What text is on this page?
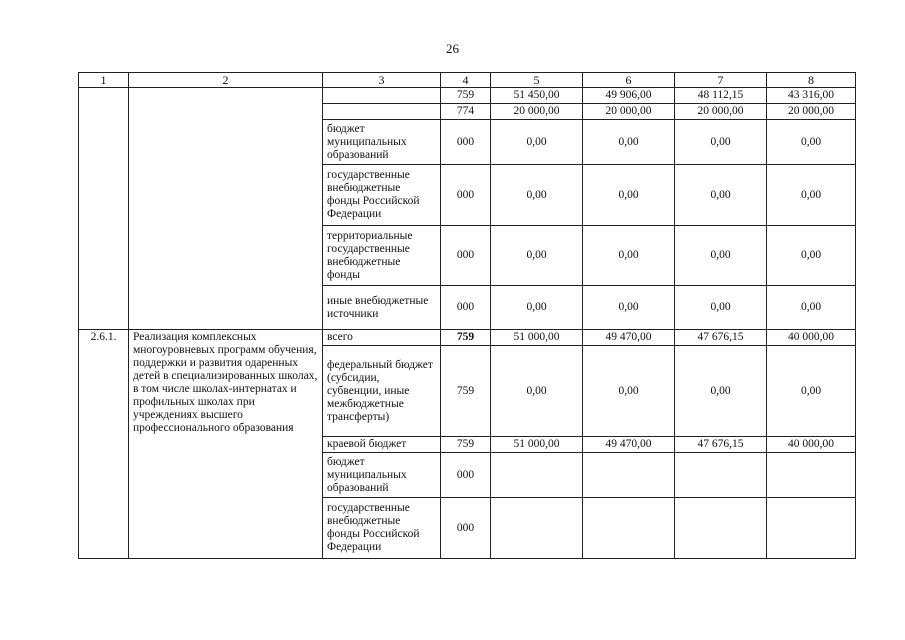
26
1	2	3	4	5	6	7	8
			759	51 450,00	49 906,00	48 112,15	43 316,00
			774	20 000,00	20 000,00	20 000,00	20 000,00
		бюджет муниципальных образований	000	0,00	0,00	0,00	0,00
		государственные внебюджетные фонды Российской Федерации	000	0,00	0,00	0,00	0,00
		территориальные государственные внебюджетные фонды	000	0,00	0,00	0,00	0,00
		иные внебюджетные источники	000	0,00	0,00	0,00	0,00
2.6.1.	Реализация комплексных многоуровневых программ обучения, поддержки и развития одаренных детей в специализированных школах, в том числе школах-интернатах и профильных школах при учреждениях высшего профессионального образования	всего	759	51 000,00	49 470,00	47 676,15	40 000,00
		федеральный бюджет (субсидии, субвенции, иные межбюджетные трансферты)	759	0,00	0,00	0,00	0,00
		краевой бюджет	759	51 000,00	49 470,00	47 676,15	40 000,00
		бюджет муниципальных образований	000				
		государственные внебюджетные фонды Российской Федерации	000				
